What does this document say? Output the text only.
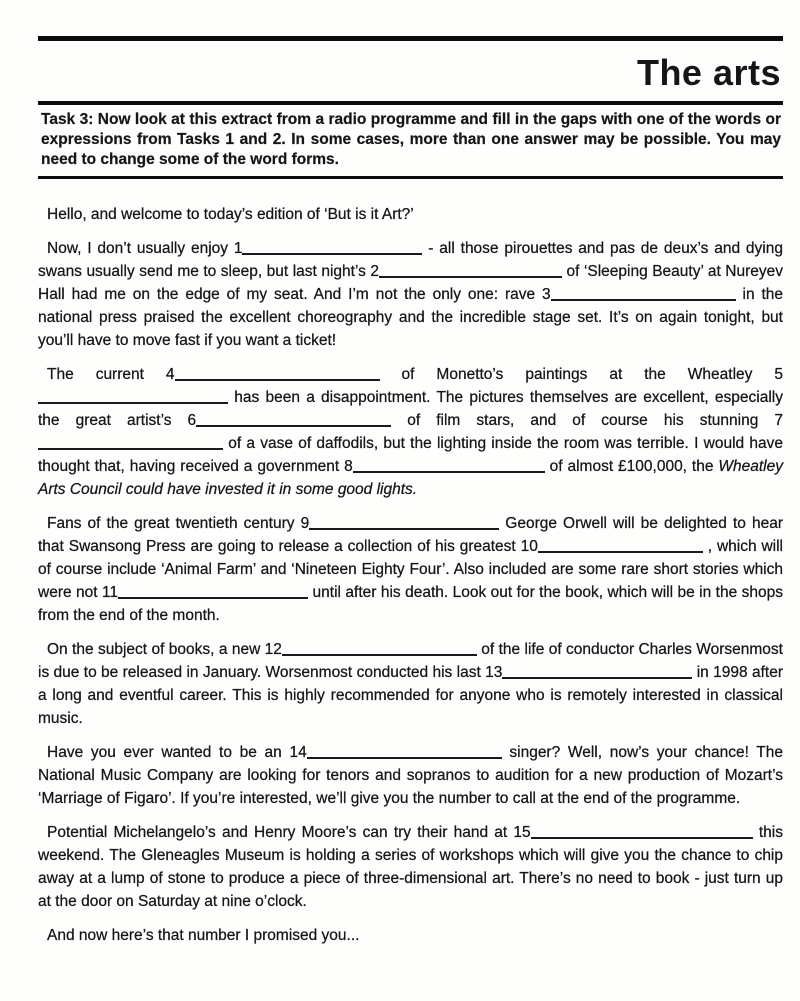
The arts

Task 3: Now look at this extract from a radio programme and fill in the gaps with one of the words or expressions from Tasks 1 and 2. In some cases, more than one answer may be possible. You may need to change some of the word forms.

Hello, and welcome to today’s edition of ‘But is it Art?’

Now, I don’t usually enjoy 1	- all those pirouettes and pas de deux’s and dying swans usually send me to sleep, but last night’s 2	of ‘Sleeping Beauty’ at Nureyev Hall had me on the edge of my seat. And I’m not the only one: rave 3	in the national press praised the excellent choreography and the incredible stage set. It’s on again tonight, but you’ll have to move fast if you want a ticket!

The current 4	of Monetto’s paintings at the Wheatley 5 has been a disappointment. The pictures themselves are excellent, especially the great artist’s 6	of film stars, and of course his stunning 7 of a vase of daffodils, but the lighting inside the room was terrible. I would have thought that, having received a government 8	of almost £100,000, the Wheatley Arts Council could have invested it in some good lights.

Fans of the great twentieth century 9	George Orwell will be delighted to hear that Swansong Press are going to release a collection of his greatest 10	, which will of course include ‘Animal Farm’ and ‘Nineteen Eighty Four’. Also included are some rare short stories which were not 11	until after his death. Look out for the book, which will be in the shops from the end of the month.

On the subject of books, a new 12	of the life of conductor Charles Worsenmost is due to be released in January. Worsenmost conducted his last 13	in 1998 after a long and eventful career. This is highly recommended for anyone who is remotely interested in classical music.

Have you ever wanted to be an 14	singer? Well, now’s your chance! The National Music Company are looking for tenors and sopranos to audition for a new production of Mozart’s ‘Marriage of Figaro’. If you’re interested, we’ll give you the number to call at the end of the programme.

Potential Michelangelo’s and Henry Moore’s can try their hand at 15	this weekend. The Gleneagles Museum is holding a series of workshops which will give you the chance to chip away at a lump of stone to produce a piece of three-dimensional art. There’s no need to book - just turn up at the door on Saturday at nine o’clock.

And now here’s that number I promised you...
